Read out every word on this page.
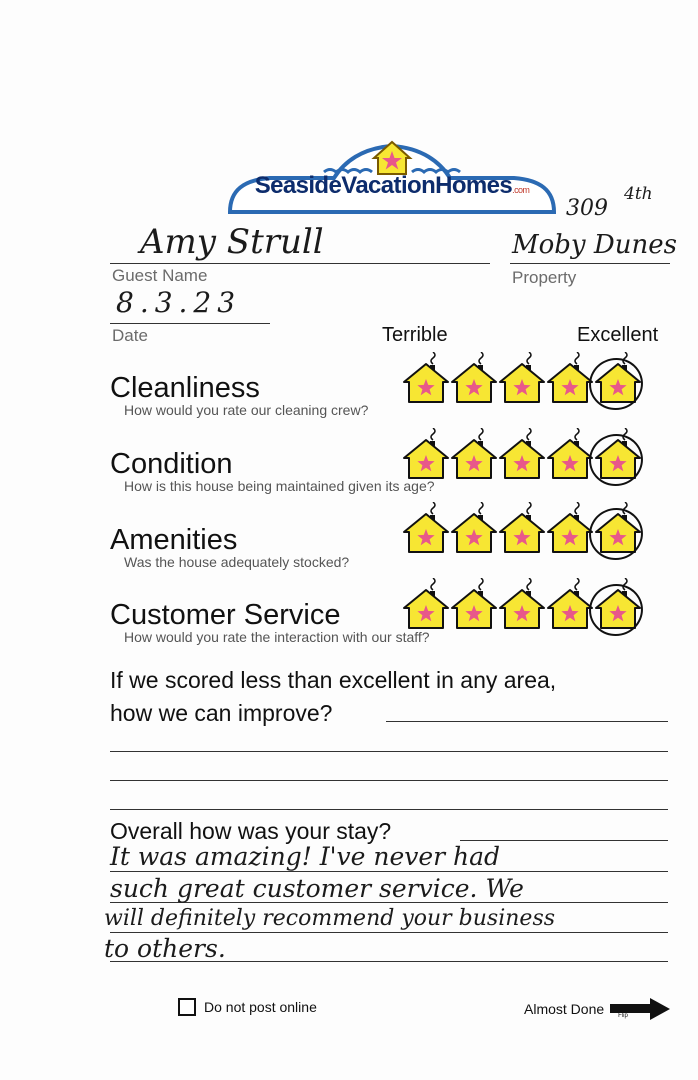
SeasideVacationHomes.com
309
4th
Amy Strull
Guest Name
Moby Dunes
Property
8.3.23
Date	Terrible	Excellent
Cleanliness
How would you rate our cleaning crew?
Condition
How is this house being maintained given its age?
Amenities
Was the house adequately stocked?
Customer Service
How would you rate the interaction with our staff?
If we scored less than excellent in any area,
how we can improve?
Overall how was your stay?
It was amazing! I've never had
such great customer service. We
will definitely recommend your business
to others.
Do not post online	Almost Done Flip
